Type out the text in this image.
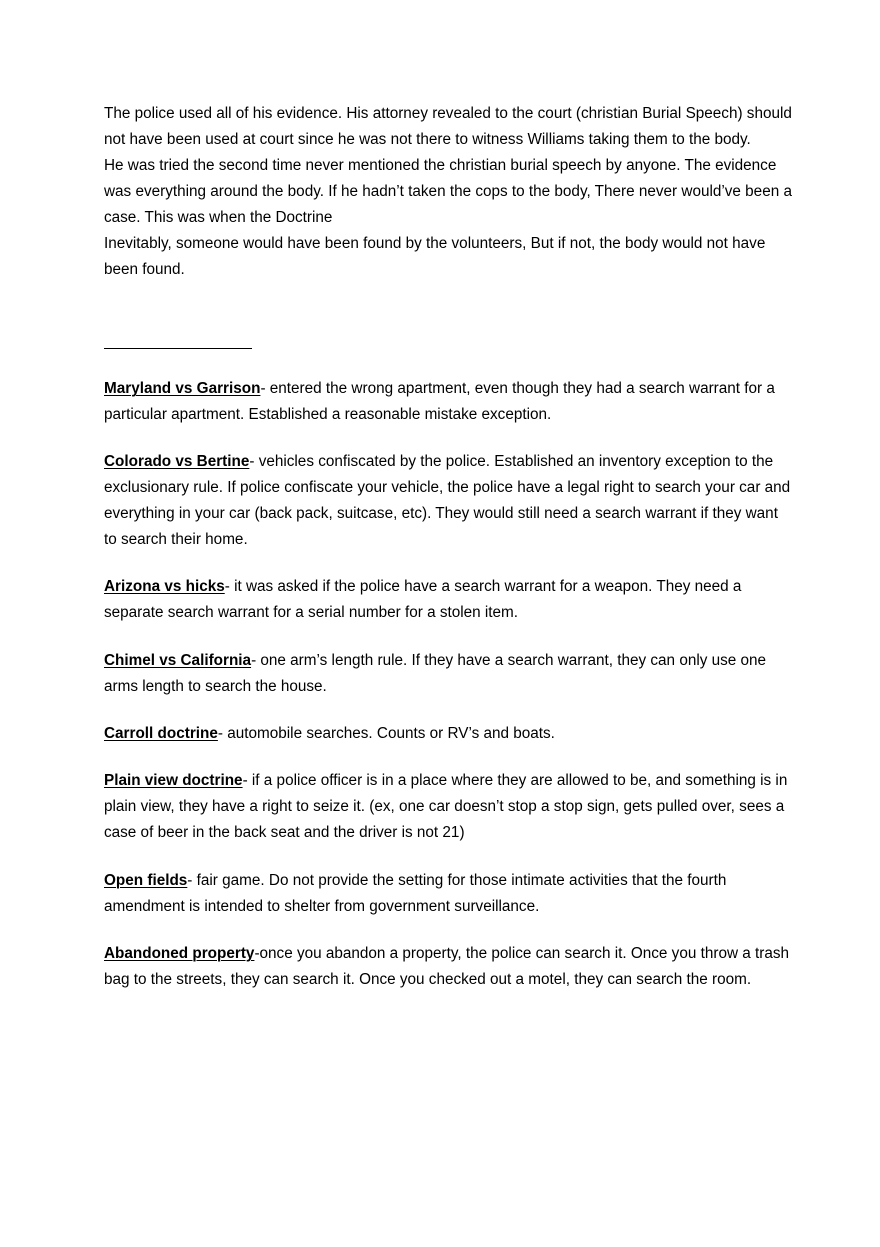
The police used all of his evidence. His attorney revealed to the court (christian Burial Speech) should not have been used at court since he was not there to witness Williams taking them to the body.

He was tried the second time never mentioned the christian burial speech by anyone. The evidence was everything around the body. If he hadn’t taken the cops to the body, There never would’ve been a case. This was when the Doctrine

Inevitably, someone would have been found by the volunteers, But if not, the body would not have been found.

Maryland vs Garrison- entered the wrong apartment, even though they had a search warrant for a particular apartment. Established a reasonable mistake exception.

Colorado vs Bertine- vehicles confiscated by the police. Established an inventory exception to the exclusionary rule. If police confiscate your vehicle, the police have a legal right to search your car and everything in your car (back pack, suitcase, etc). They would still need a search warrant if they want to search their home.

Arizona vs hicks- it was asked if the police have a search warrant for a weapon. They need a separate search warrant for a serial number for a stolen item.

Chimel vs California- one arm’s length rule. If they have a search warrant, they can only use one arms length to search the house.

Carroll doctrine- automobile searches. Counts or RV’s and boats.

Plain view doctrine- if a police officer is in a place where they are allowed to be, and something is in plain view, they have a right to seize it. (ex, one car doesn’t stop a stop sign, gets pulled over, sees a case of beer in the back seat and the driver is not 21)

Open fields- fair game. Do not provide the setting for those intimate activities that the fourth amendment is intended to shelter from government surveillance.

Abandoned property-once you abandon a property, the police can search it. Once you throw a trash bag to the streets, they can search it. Once you checked out a motel, they can search the room.
